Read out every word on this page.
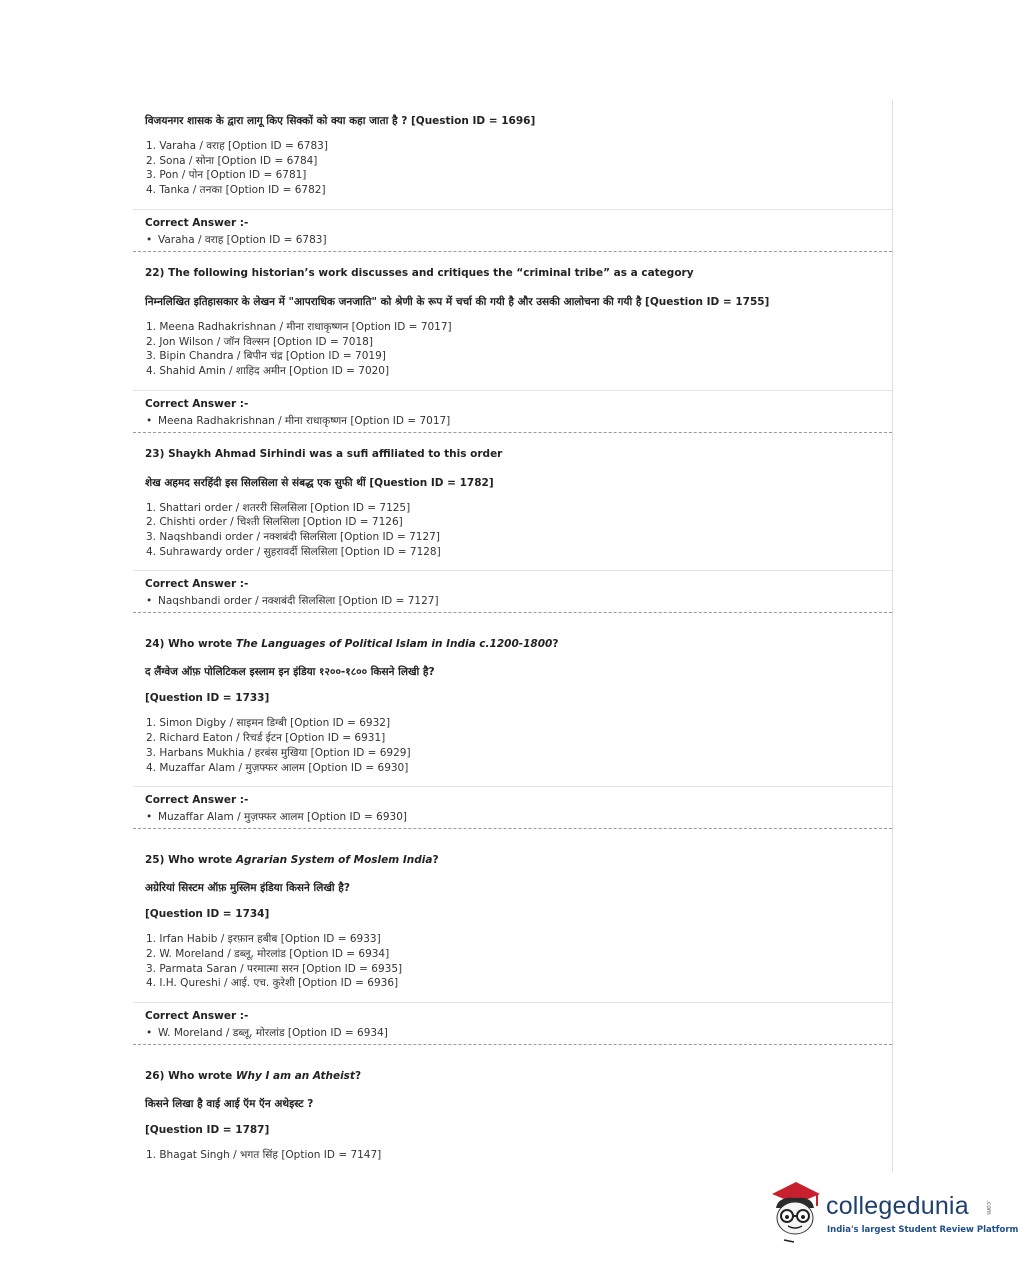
विजयनगर शासक के द्वारा लागू किए सिक्कों को क्या कहा जाता है ? [Question ID = 1696]
1. Varaha / वराह [Option ID = 6783]
2. Sona / सोना [Option ID = 6784]
3. Pon / पोन [Option ID = 6781]
4. Tanka / तनका [Option ID = 6782]
Correct Answer :-
• Varaha / वराह [Option ID = 6783]
22) The following historian’s work discusses and critiques the “criminal tribe” as a category
निम्नलिखित इतिहासकार के लेखन में "आपराधिक जनजाति" को श्रेणी के रूप में चर्चा की गयी है और उसकी आलोचना की गयी है [Question ID = 1755]
1. Meena Radhakrishnan / मीना राधाकृष्णन [Option ID = 7017]
2. Jon Wilson / जॉन विल्सन [Option ID = 7018]
3. Bipin Chandra / बिपीन चंद्र [Option ID = 7019]
4. Shahid Amin / शाहिद अमीन [Option ID = 7020]
Correct Answer :-
• Meena Radhakrishnan / मीना राधाकृष्णन [Option ID = 7017]
23) Shaykh Ahmad Sirhindi was a sufi affiliated to this order
शेख अहमद सरहिंदी इस सिलसिला से संबद्ध एक सुफी थीं [Question ID = 1782]
1. Shattari order / शतररी सिलसिला [Option ID = 7125]
2. Chishti order / चिश्ती सिलसिला [Option ID = 7126]
3. Naqshbandi order / नक्शबंदी सिलसिला [Option ID = 7127]
4. Suhrawardy order / सुहरावर्दी सिलसिला [Option ID = 7128]
Correct Answer :-
• Naqshbandi order / नक्शबंदी सिलसिला [Option ID = 7127]
24) Who wrote The Languages of Political Islam in India c.1200-1800?
द लैंग्वेज ऑफ़ पोलिटिकल इस्लाम इन इंडिया १२००-१८०० किसने लिखी है?
[Question ID = 1733]
1. Simon Digby / साइमन डिग्बी [Option ID = 6932]
2. Richard Eaton / रिचर्ड ईटन [Option ID = 6931]
3. Harbans Mukhia / हरबंस मुखिया [Option ID = 6929]
4. Muzaffar Alam / मुज़फ्फर आलम [Option ID = 6930]
Correct Answer :-
• Muzaffar Alam / मुज़फ्फर आलम [Option ID = 6930]
25) Who wrote Agrarian System of Moslem India?
अग्रेरियां सिस्टम ऑफ़ मुस्लिम इंडिया किसने लिखी है?
[Question ID = 1734]
1. Irfan Habib / इरफ़ान हबीब [Option ID = 6933]
2. W. Moreland / डब्लू, मोरलांड [Option ID = 6934]
3. Parmata Saran / परमात्मा सरन [Option ID = 6935]
4. I.H. Qureshi / आई. एच. कुरेशी [Option ID = 6936]
Correct Answer :-
• W. Moreland / डब्लू, मोरलांड [Option ID = 6934]
26) Who wrote Why I am an Atheist?
किसने लिखा है वाई आई ऍम ऍन अथेइस्ट ?
[Question ID = 1787]
1. Bhagat Singh / भगत सिंह [Option ID = 7147]
collegedunia	.com
India's largest Student Review Platform
